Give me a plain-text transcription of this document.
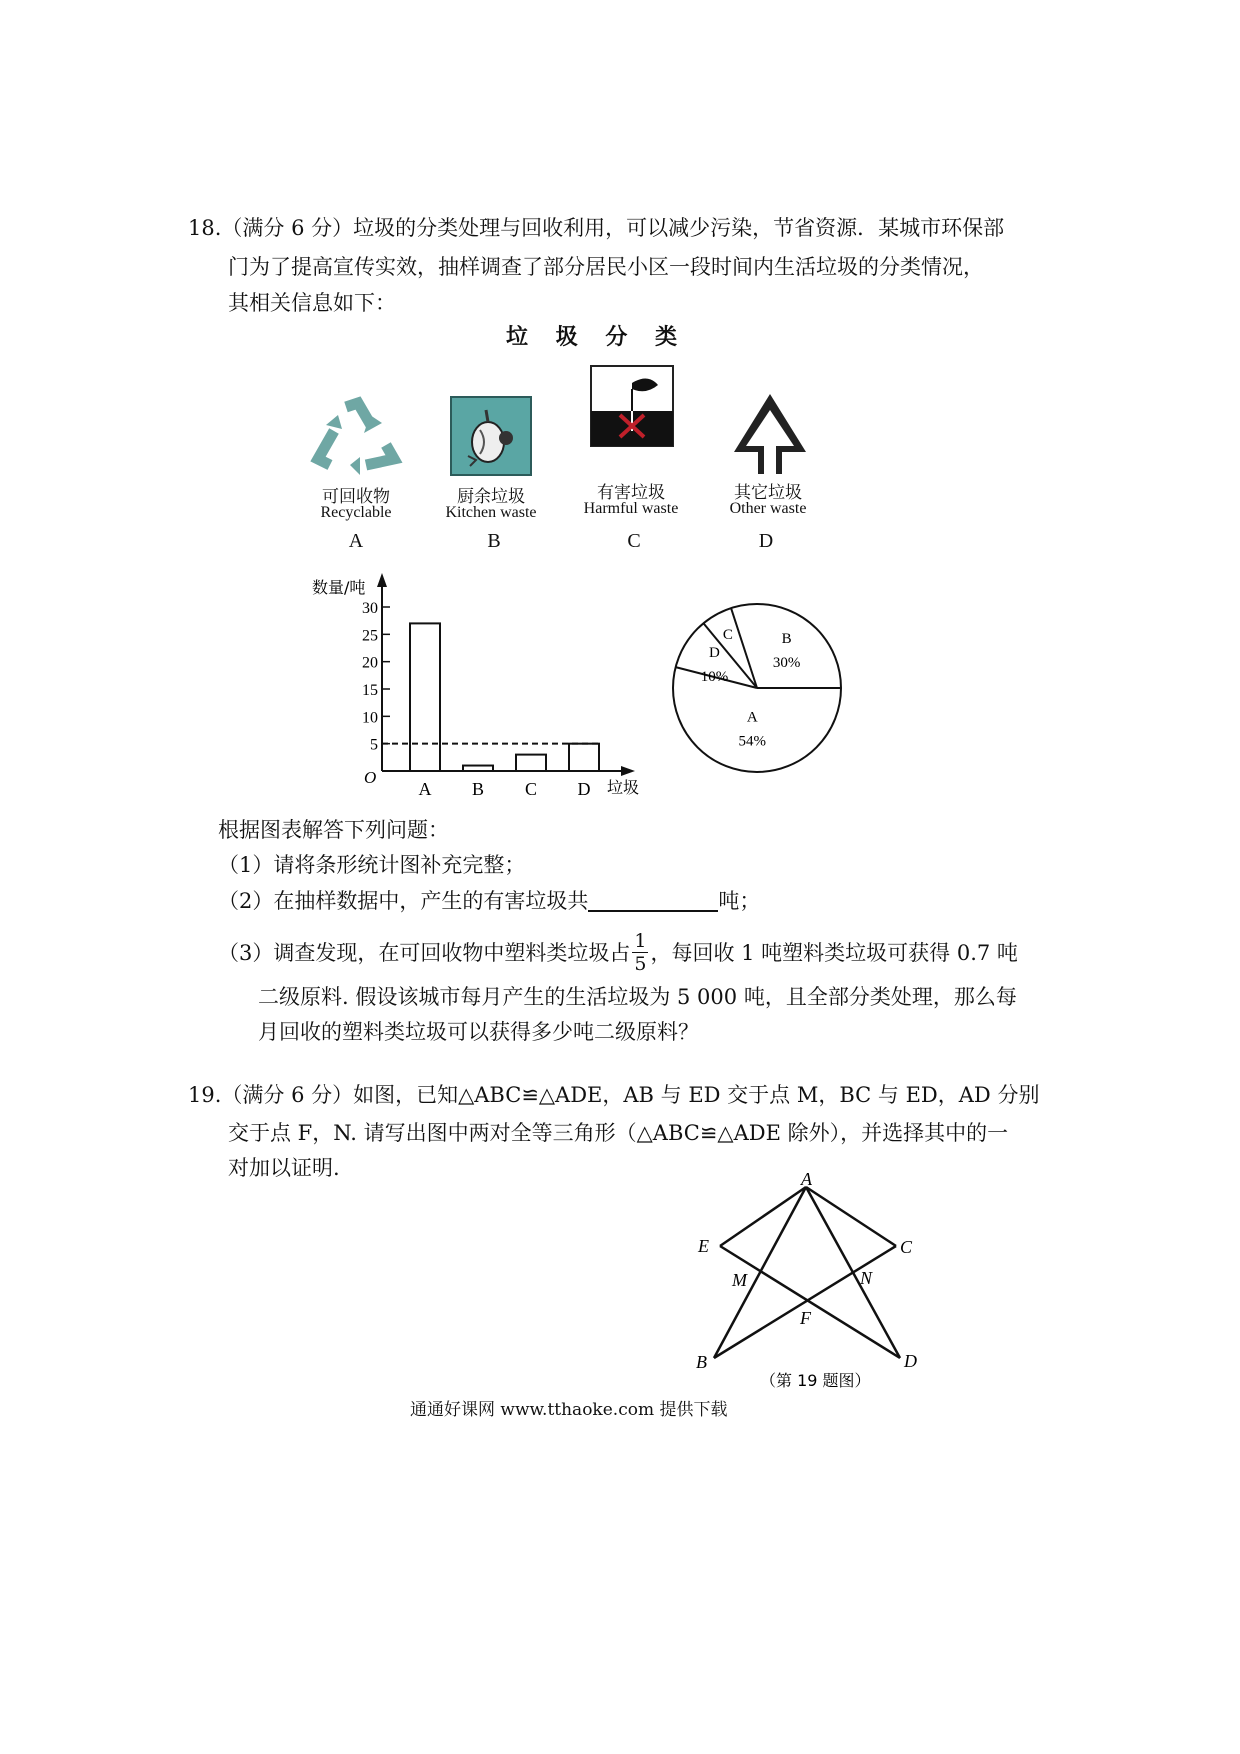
18.（满分 6 分）垃圾的分类处理与回收利用，可以减少污染，节省资源．某城市环保部
门为了提高宣传实效，抽样调查了部分居民小区一段时间内生活垃圾的分类情况，
其相关信息如下：
垃 圾 分 类
可回收物
Recyclable
A
厨余垃圾
Kitchen waste
B
有害垃圾
Harmful waste
C
其它垃圾
Other waste
D
数量/吨
O
垃圾
5
10
15
20
25
30
A B C D
B
30%
C
D
10%
A
54%
根据图表解答下列问题：
（1）请将条形统计图补充完整；
（2）在抽样数据中，产生的有害垃圾共	吨；
（3）调查发现，在可回收物中塑料类垃圾占 $\frac{1}{5}$ ，每回收 1 吨塑料类垃圾可获得 0.7 吨
二级原料. 假设该城市每月产生的生活垃圾为 5 000 吨，且全部分类处理，那么每
月回收的塑料类垃圾可以获得多少吨二级原料？
19.（满分 6 分）如图，已知△ABC≌△ADE，AB 与 ED 交于点 M，BC 与 ED，AD 分别
交于点 F，N. 请写出图中两对全等三角形（△ABC≌△ADE 除外），并选择其中的一
对加以证明.	A
B
C
D
E
F
M	N
（第 19 题图）
通通好课网 www.tthaoke.com 提供下载
